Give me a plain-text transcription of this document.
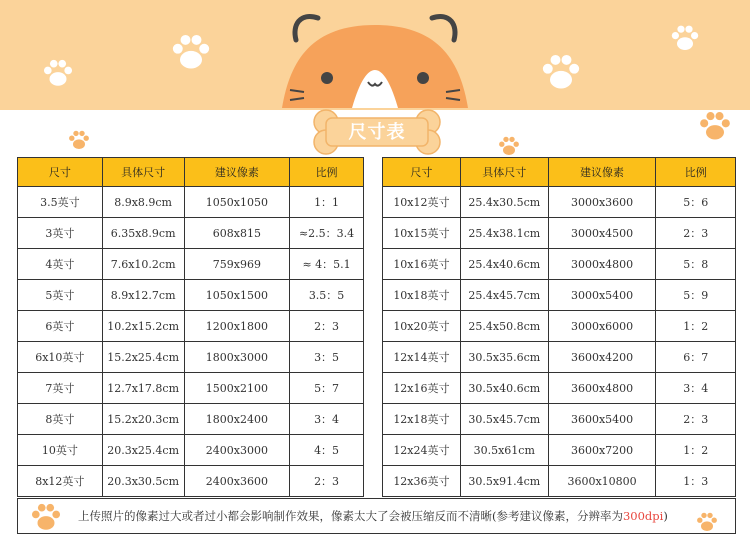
尺寸表
尺寸	具体尺寸	建议像素	比例
3.5英寸	8.9x8.9cm	1050x1050	1：1
3英寸	6.35x8.9cm	608x815	≈2.5：3.4
4英寸	7.6x10.2cm	759x969	≈ 4：5.1
5英寸	8.9x12.7cm	1050x1500	3.5：5
6英寸	10.2x15.2cm	1200x1800	2：3
6x10英寸	15.2x25.4cm	1800x3000	3：5
7英寸	12.7x17.8cm	1500x2100	5：7
8英寸	15.2x20.3cm	1800x2400	3：4
10英寸	20.3x25.4cm	2400x3000	4：5
8x12英寸	20.3x30.5cm	2400x3600	2：3
尺寸	具体尺寸	建议像素	比例
10x12英寸	25.4x30.5cm	3000x3600	5：6
10x15英寸	25.4x38.1cm	3000x4500	2：3
10x16英寸	25.4x40.6cm	3000x4800	5：8
10x18英寸	25.4x45.7cm	3000x5400	5：9
10x20英寸	25.4x50.8cm	3000x6000	1：2
12x14英寸	30.5x35.6cm	3600x4200	6：7
12x16英寸	30.5x40.6cm	3600x4800	3：4
12x18英寸	30.5x45.7cm	3600x5400	2：3
12x24英寸	30.5x61cm	3600x7200	1：2
12x36英寸	30.5x91.4cm	3600x10800	1：3
上传照片的像素过大或者过小都会影响制作效果，像素太大了会被压缩反而不清晰(参考建议像素，分辨率为300dpi)
